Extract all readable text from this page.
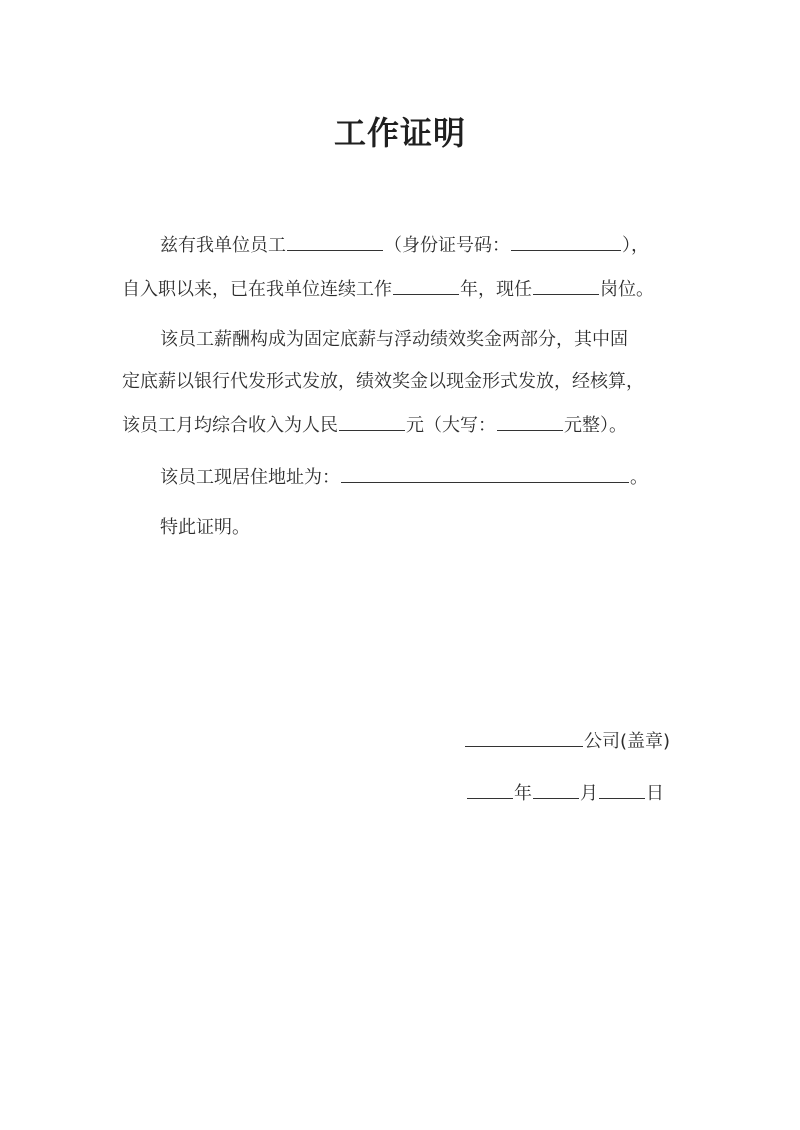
工作证明
兹有我单位员工	（身份证号码：	），
自入职以来，已在我单位连续工作	年，现任	岗位。
该员工薪酬构成为固定底薪与浮动绩效奖金两部分，其中固
定底薪以银行代发形式发放，绩效奖金以现金形式发放，经核算，
该员工月均综合收入为人民	元（大写：	元整）。
该员工现居住地址为：	。
特此证明。
公司(盖章)
年	月	日
